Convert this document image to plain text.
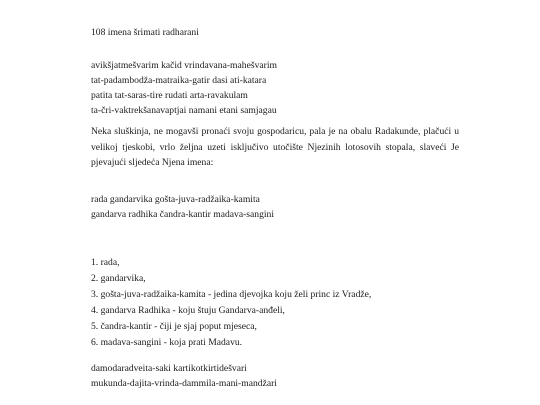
108 imena šrimati radharani
avikšjatmešvarim kačid vrindavana-mahešvarim
tat-padambodža-matraika-gatir dasi ati-katara
patita tat-saras-tire rudati arta-ravakulam
ta-čri-vaktrekšanavaptjai namani etani samjagau
Neka sluškinja, ne mogavši pronaći svoju gospodaricu, pala je na obalu Radakunde, plačući u velikoj tjeskobi, vrlo željna uzeti isključivo utočište Njezinih lotosovih stopala, slaveći Je pjevajući sljedeća Njena imena:
rada gandarvika gošta-juva-radžaika-kamita
gandarva radhika čandra-kantir madava-sangini
1. rada,
2. gandarvika,
3. gošta-juva-radžaika-kamita - jedina djevojka koju želi princ iz Vradže,
4. gandarva Radhika - koju štuju Gandarva-anđeli,
5. čandra-kantir - čiji je sjaj poput mjeseca,
6. madava-sangini - koja prati Madavu.
damodaradveita-saki kartikotkirtidešvari
mukunda-dajita-vrinda-dammila-mani-mandžari
